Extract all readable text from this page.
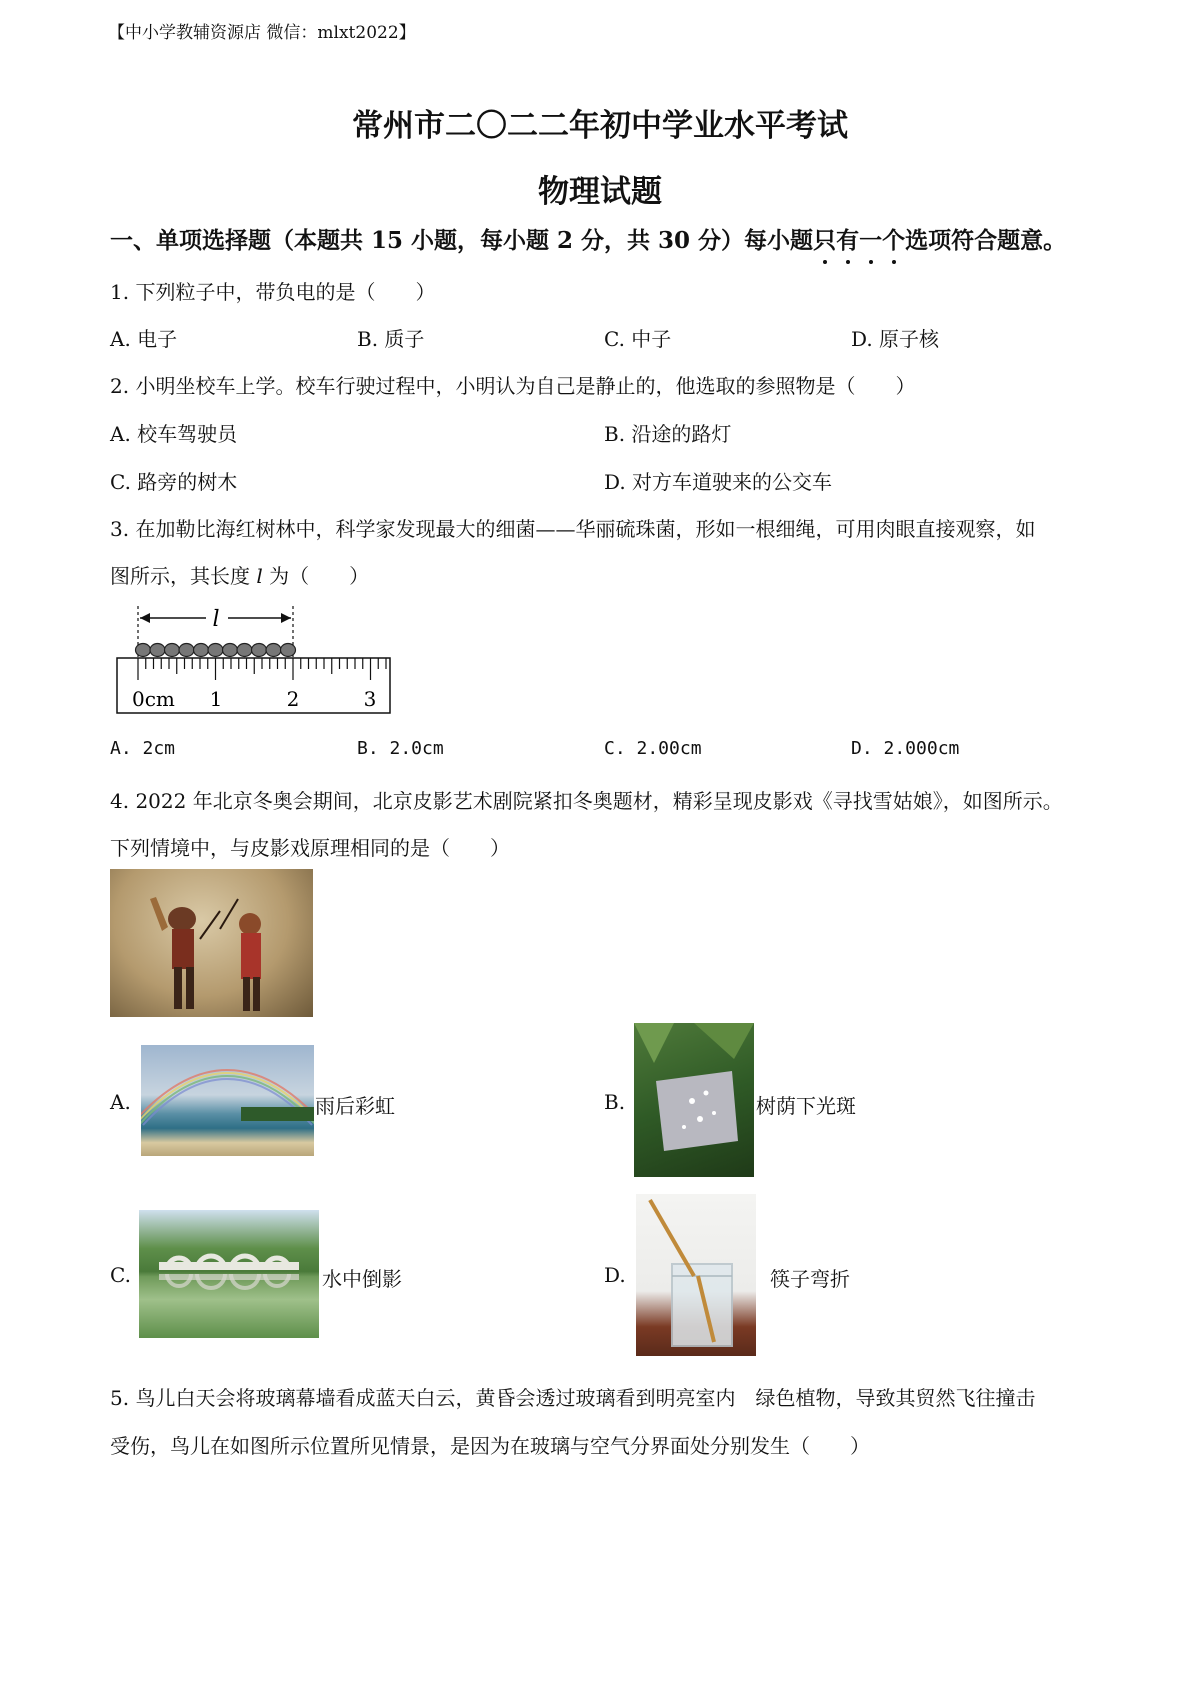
【中小学教辅资源店 微信：mlxt2022】
常州市二〇二二年初中学业水平考试
物理试题
一、单项选择题（本题共 15 小题，每小题 2 分，共 30 分）每小题只有一个选项符合题意。
1. 下列粒子中，带负电的是（　　）
A. 电子	B. 质子	C. 中子	D. 原子核
2. 小明坐校车上学。校车行驶过程中，小明认为自己是静止的，他选取的参照物是（　　）
A. 校车驾驶员	B. 沿途的路灯
C. 路旁的树木	D. 对方车道驶来的公交车
3. 在加勒比海红树林中，科学家发现最大的细菌——华丽硫珠菌，形如一根细绳，可用肉眼直接观察，如
图所示，其长度 l 为（　　）
l
0cm 1	2	3
A. 2cm	B. 2.0cm	C. 2.00cm	D. 2.000cm
4. 2022 年北京冬奥会期间，北京皮影艺术剧院紧扣冬奥题材，精彩呈现皮影戏《寻找雪姑娘》，如图所示。
下列情境中，与皮影戏原理相同的是（　　）
A.	雨后彩虹	B.	树荫下光斑
C.	水中倒影	D.	筷子弯折
5. 鸟儿白天会将玻璃幕墙看成蓝天白云，黄昏会透过玻璃看到明亮室内　绿色植物，导致其贸然飞往撞击
受伤，鸟儿在如图所示位置所见情景，是因为在玻璃与空气分界面处分别发生（　　）
